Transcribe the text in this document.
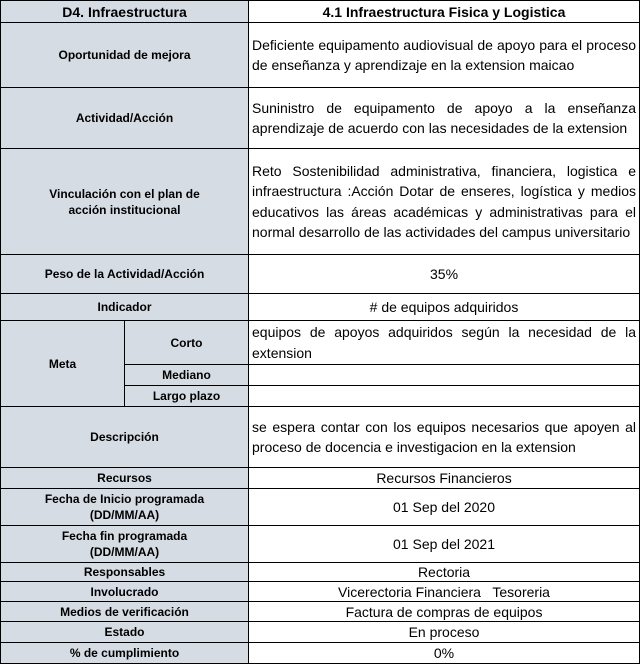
D4. Infraestructura		4.1 Infraestructura Fisica y Logistica
Oportunidad de mejora		Deficiente equipamento audiovisual de apoyo para el proceso de enseñanza y aprendizaje en la extension maicao
Actividad/Acción		Suninistro de equipamento de apoyo a la enseñanza aprendizaje de acuerdo con las necesidades de la extension
Vinculación con el plan de acción institucional		Reto Sostenibilidad administrativa, financiera, logistica e infraestructura :Acción Dotar de enseres, logística y medios educativos las áreas académicas y administrativas para el normal desarrollo de las actividades del campus universitario
Peso de la Actividad/Acción		35%
Indicador		# de equipos adquiridos
Meta	Corto	equipos de apoyos adquiridos según la necesidad de la extension
	Mediano	
	Largo plazo	
Descripción		se espera contar con los equipos necesarios que apoyen al proceso de docencia e investigacion en la extension
Recursos		Recursos Financieros

Fecha de Inicio programada
(DD/MM/AA)		01 Sep del 2020

Fecha fin programada
(DD/MM/AA)		01 Sep del 2021
Responsables		Rectoria
Involucrado		Vicerectoria Financiera   Tesoreria
Medios de verificación		Factura de compras de equipos
Estado		En proceso
% de cumplimiento		0%
